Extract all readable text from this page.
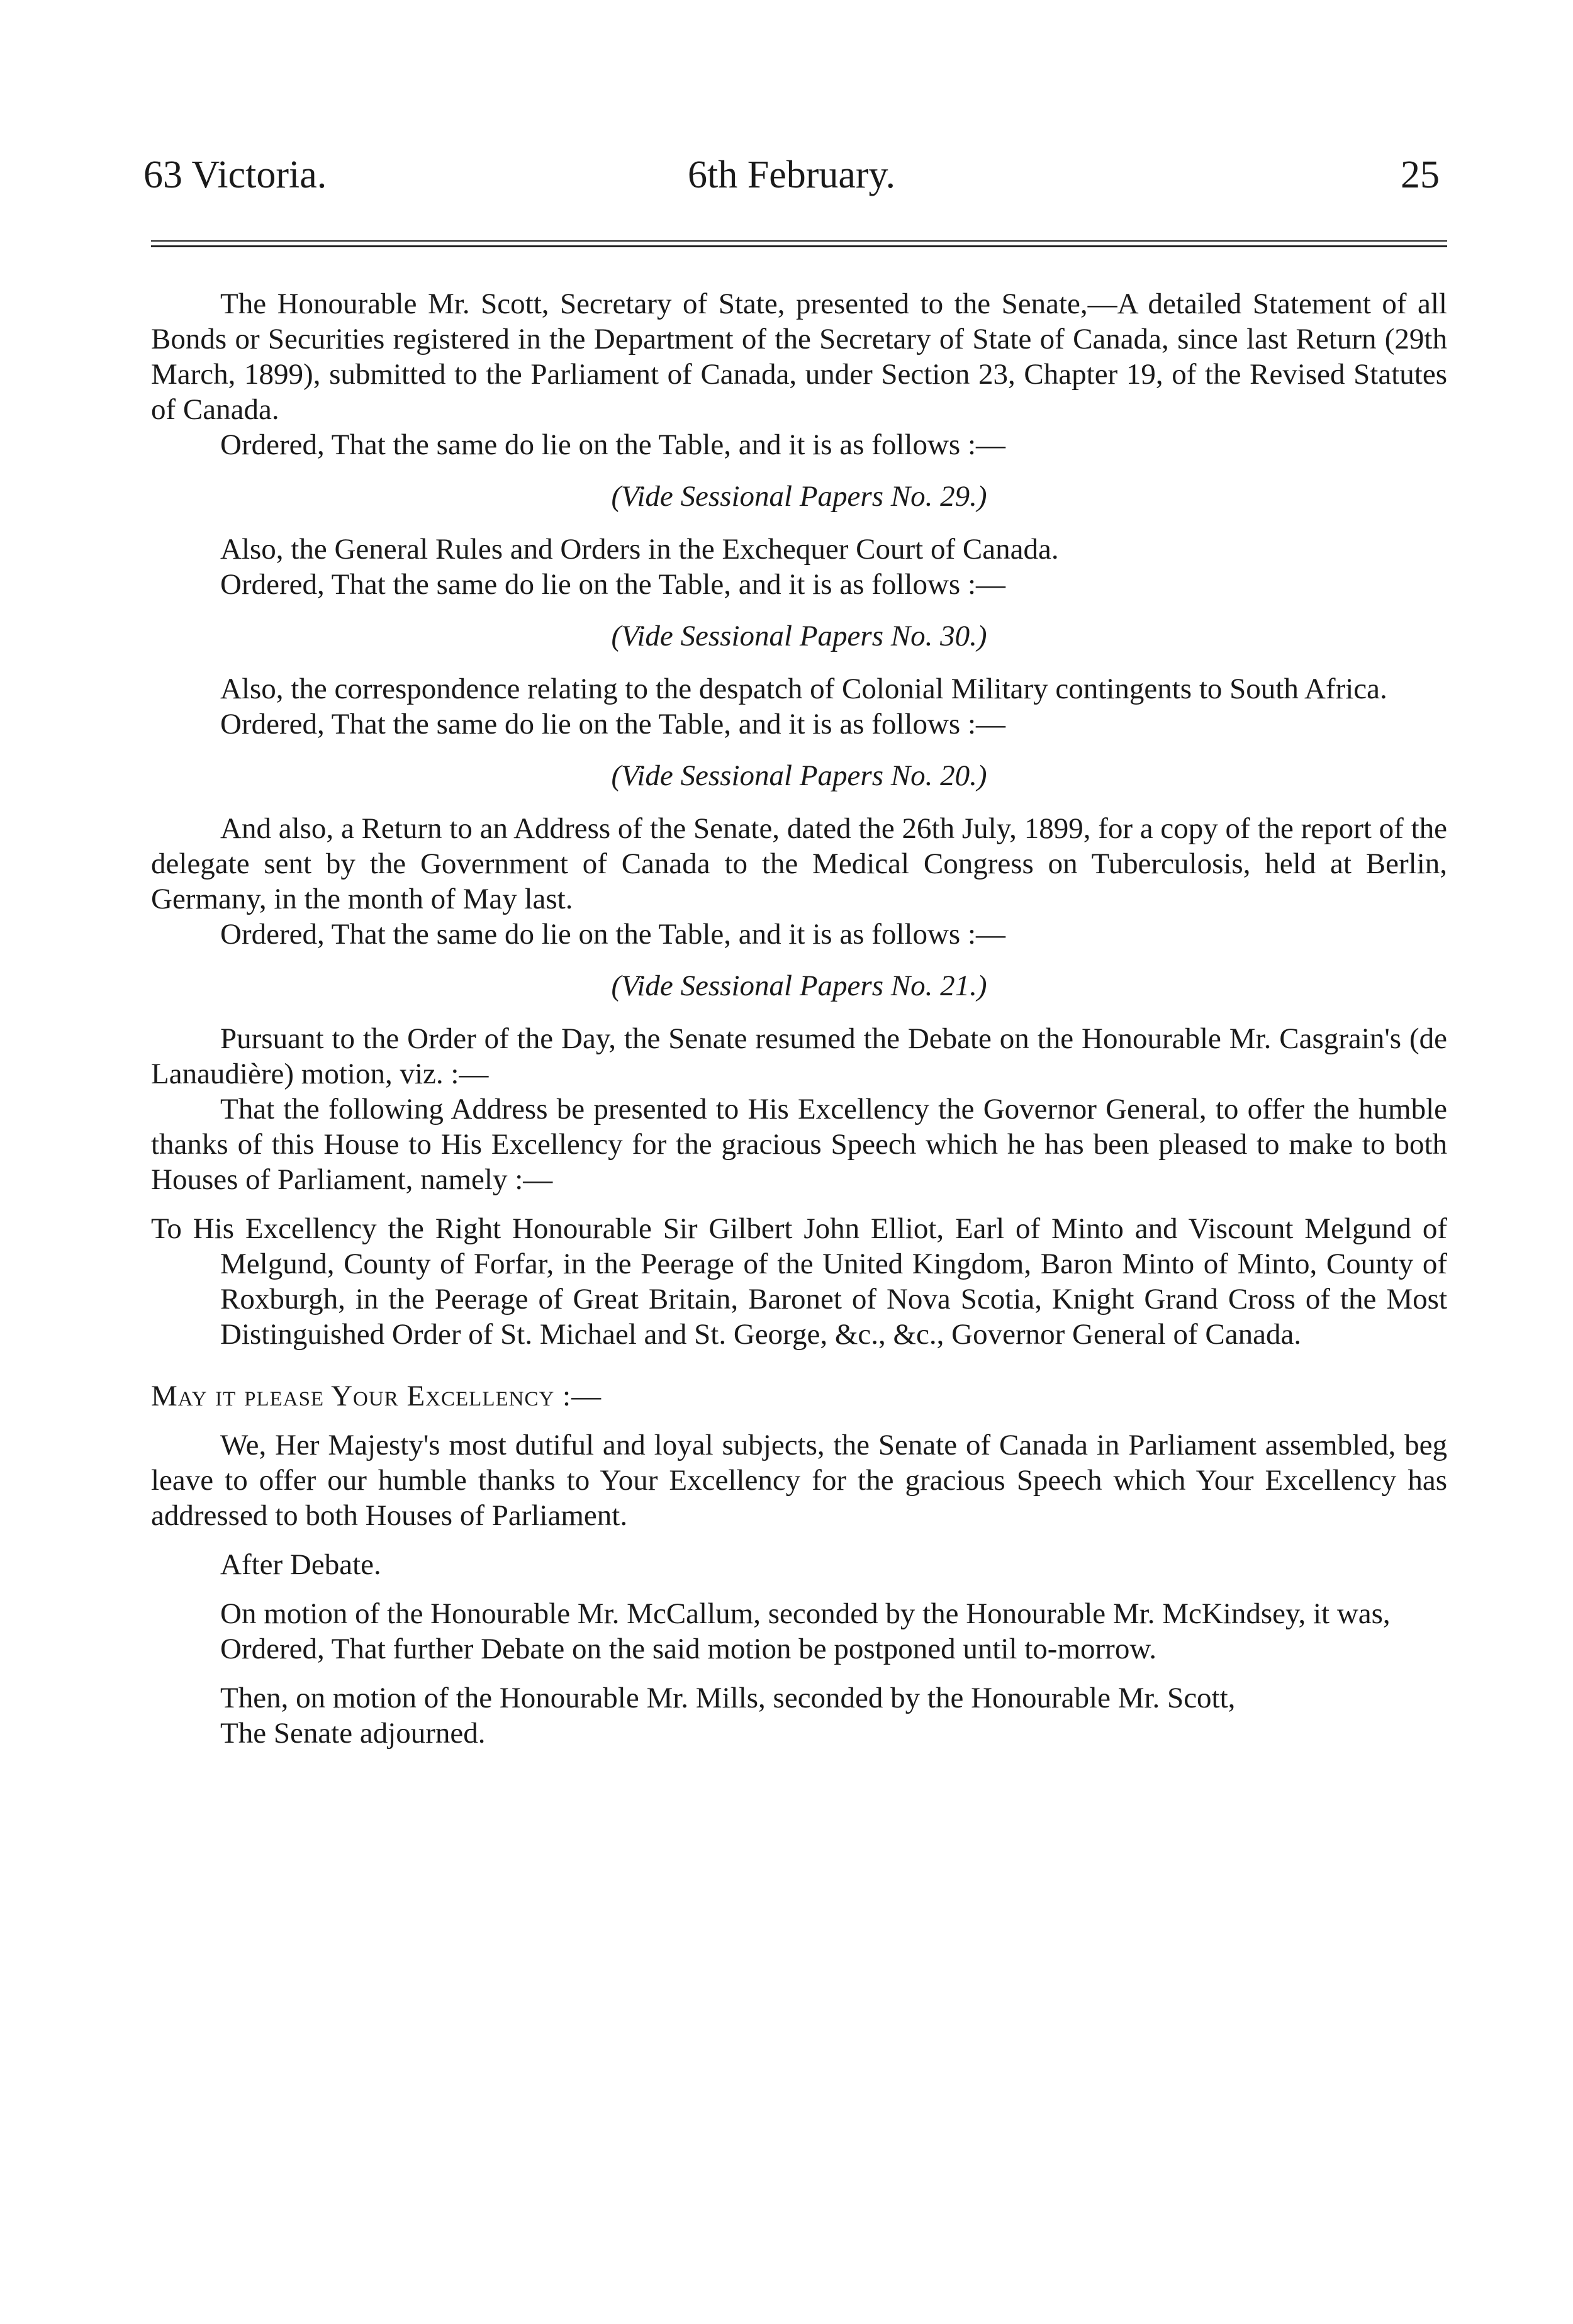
6th February.
63 Victoria.	25

The Honourable Mr. Scott, Secretary of State, presented to the Senate,—A detailed Statement of all Bonds or Securities registered in the Department of the Secretary of State of Canada, since last Return (29th March, 1899), submitted to the Parliament of Canada, under Section 23, Chapter 19, of the Revised Statutes of Canada.

Ordered, That the same do lie on the Table, and it is as follows :—

(Vide Sessional Papers No. 29.)

Also, the General Rules and Orders in the Exchequer Court of Canada.

Ordered, That the same do lie on the Table, and it is as follows :—

(Vide Sessional Papers No. 30.)

Also, the correspondence relating to the despatch of Colonial Military contingents to South Africa.

Ordered, That the same do lie on the Table, and it is as follows :—

(Vide Sessional Papers No. 20.)

And also, a Return to an Address of the Senate, dated the 26th July, 1899, for a copy of the report of the delegate sent by the Government of Canada to the Medical Congress on Tuberculosis, held at Berlin, Germany, in the month of May last.

Ordered, That the same do lie on the Table, and it is as follows :—

(Vide Sessional Papers No. 21.)

Pursuant to the Order of the Day, the Senate resumed the Debate on the Honourable Mr. Casgrain's (de Lanaudière) motion, viz. :—

That the following Address be presented to His Excellency the Governor General, to offer the humble thanks of this House to His Excellency for the gracious Speech which he has been pleased to make to both Houses of Parliament, namely :—

To His Excellency the Right Honourable Sir Gilbert John Elliot, Earl of Minto and Viscount Melgund of Melgund, County of Forfar, in the Peerage of the United Kingdom, Baron Minto of Minto, County of Roxburgh, in the Peerage of Great Britain, Baronet of Nova Scotia, Knight Grand Cross of the Most Distinguished Order of St. Michael and St. George, &c., &c., Governor General of Canada.

May it please Your Excellency :—

We, Her Majesty's most dutiful and loyal subjects, the Senate of Canada in Parliament assembled, beg leave to offer our humble thanks to Your Excellency for the gracious Speech which Your Excellency has addressed to both Houses of Parliament.

After Debate.

On motion of the Honourable Mr. McCallum, seconded by the Honourable Mr. McKindsey, it was,

Ordered, That further Debate on the said motion be postponed until to-morrow.

Then, on motion of the Honourable Mr. Mills, seconded by the Honourable Mr. Scott,

The Senate adjourned.
